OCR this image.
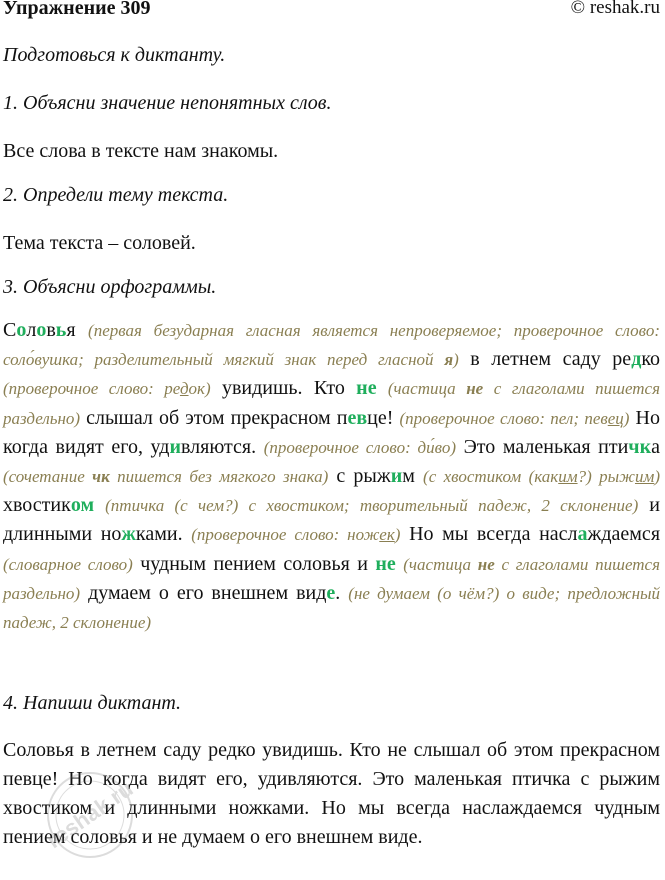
Упражнение 309	© reshak.ru

Подготовься к диктанту.

1. Объясни значение непонятных слов.

Все слова в тексте нам знакомы.

2. Определи тему текста.

Тема текста – соловей.

3. Объясни орфограммы.

Соловья (первая безударная гласная является непроверяемое; проверочное слово: соло́вушка; разделительный мягкий знак перед гласной я) в летнем саду редко (проверочное слово: редок) увидишь. Кто не (частица не с глаголами пишется раздельно) слышал об этом прекрасном певце! (проверочное слово: пел; певец) Но когда видят его, удивляются. (проверочное слово: ди́во) Это маленькая птичка (сочетание чк пишется без мягкого знака) с рыжим (с хвостиком (каким?) рыжим) хвостиком (птичка (с чем?) с хвостиком; творительный падеж, 2 склонение) и длинными ножками. (проверочное слово: ножек) Но мы всегда наслаждаемся (словарное слово) чудным пением соловья и не (частица не с глаголами пишется раздельно) думаем о его внешнем виде. (не думаем (о чём?) о виде; предложный падеж, 2 склонение)

4. Напиши диктант.

Соловья в летнем саду редко увидишь. Кто не слышал об этом прекрасном певце! Но когда видят его, удивляются. Это маленькая птичка с рыжим хвостиком и длинными ножками. Но мы всегда наслаждаемся чудным пением соловья и не думаем о его внешнем виде.
reshak.ru
